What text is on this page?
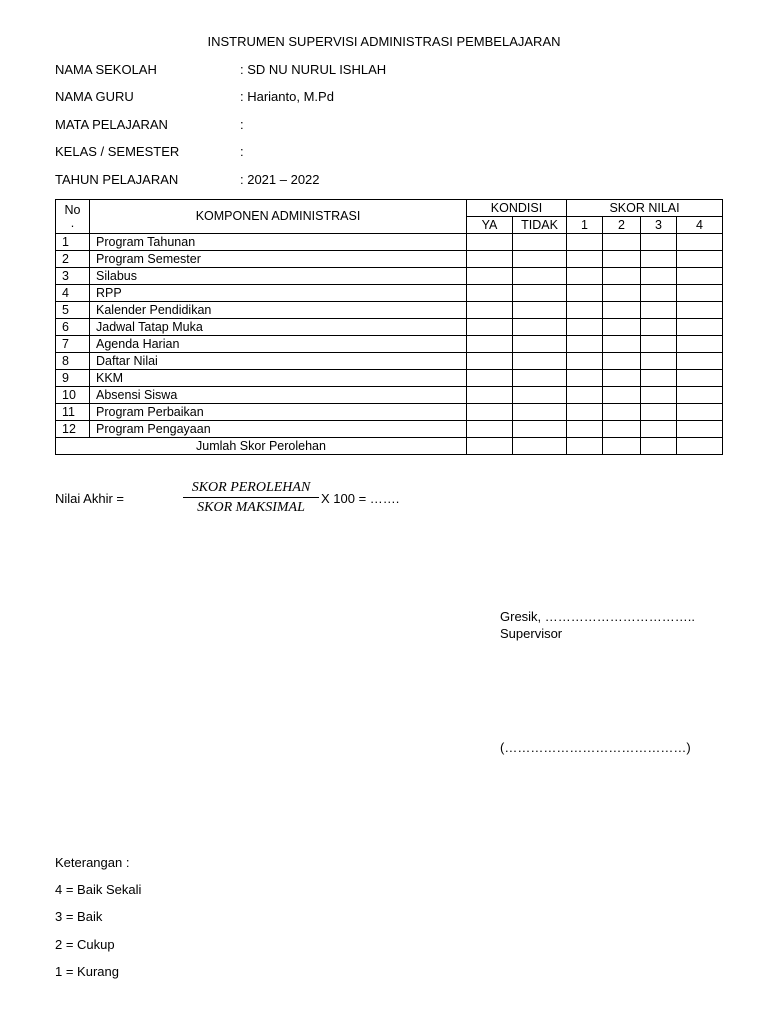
INSTRUMEN SUPERVISI ADMINISTRASI PEMBELAJARAN
NAMA SEKOLAH	: SD NU NURUL ISHLAH
NAMA GURU	: Harianto, M.Pd
MATA PELAJARAN	:
KELAS / SEMESTER	:
TAHUN PELAJARAN	: 2021 – 2022
No
.	KOMPONEN ADMINISTRASI	KONDISI		SKOR NILAI			
		YA	TIDAK	1	2	3	4
1	Program Tahunan						
2	Program Semester						
3	Silabus						
4	RPP						
5	Kalender Pendidikan						
6	Jadwal Tatap Muka						
7	Agenda Harian						
8	Daftar Nilai						
9	KKM						
10	Absensi Siswa						
11	Program Perbaikan						
12	Program Pengayaan						
Jumlah Skor Perolehan							
Nilai Akhir =
SKOR PEROLEHAN
SKOR MAKSIMAL
X 100 = …….
Gresik, ……………………………..
Supervisor
(……………………………………)
Keterangan :
4 = Baik Sekali
3 = Baik
2 = Cukup
1 = Kurang
